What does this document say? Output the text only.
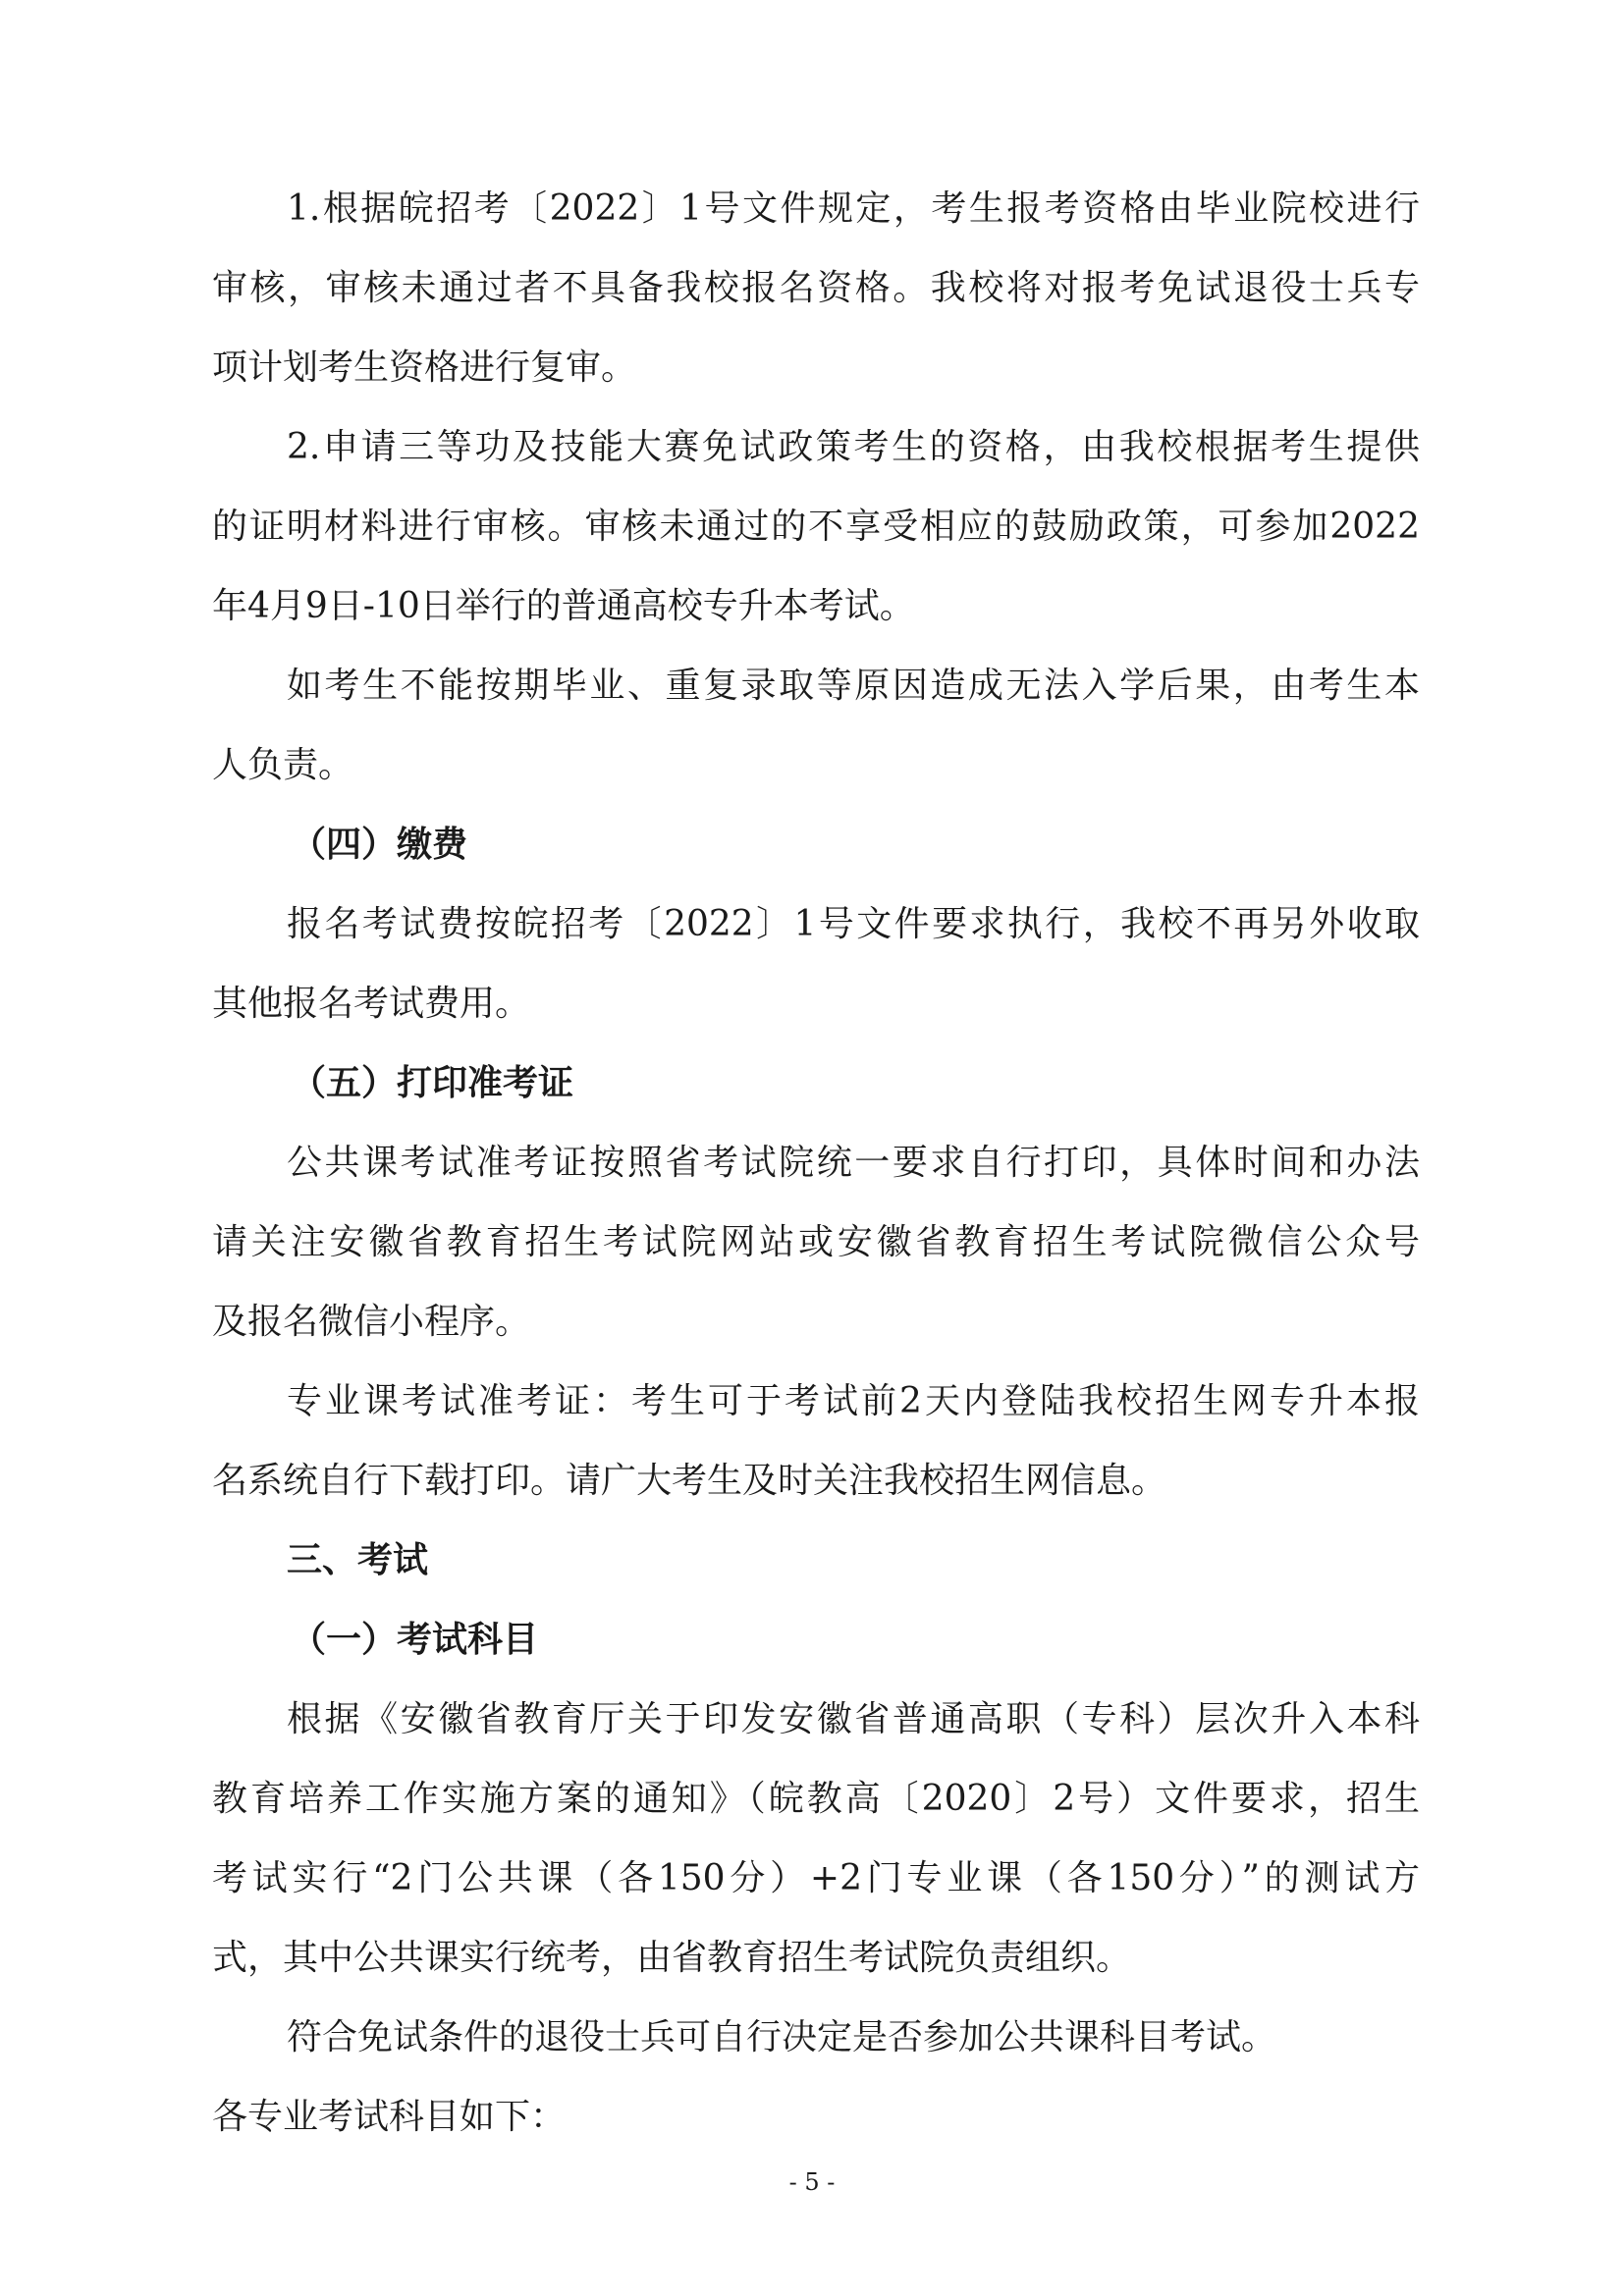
1.根据皖招考〔2022〕1号文件规定，考生报考资格由毕业院校进行
审核，审核未通过者不具备我校报名资格。我校将对报考免试退役士兵专
项计划考生资格进行复审。
2.申请三等功及技能大赛免试政策考生的资格，由我校根据考生提供
的证明材料进行审核。审核未通过的不享受相应的鼓励政策，可参加2022
年4月9日-10日举行的普通高校专升本考试。
如考生不能按期毕业、重复录取等原因造成无法入学后果，由考生本
人负责。
（四）缴费
报名考试费按皖招考〔2022〕1号文件要求执行，我校不再另外收取
其他报名考试费用。
（五）打印准考证
公共课考试准考证按照省考试院统一要求自行打印，具体时间和办法
请关注安徽省教育招生考试院网站或安徽省教育招生考试院微信公众号
及报名微信小程序。
专业课考试准考证：考生可于考试前2天内登陆我校招生网专升本报
名系统自行下载打印。请广大考生及时关注我校招生网信息。
三、考试
（一）考试科目
根据《安徽省教育厅关于印发安徽省普通高职（专科）层次升入本科
教育培养工作实施方案的通知》（皖教高〔2020〕2号）文件要求，招生
考试实行“2门公共课（各150分）+2门专业课（各150分）”的测试方
式，其中公共课实行统考，由省教育招生考试院负责组织。
符合免试条件的退役士兵可自行决定是否参加公共课科目考试。
各专业考试科目如下：
- 5 -
